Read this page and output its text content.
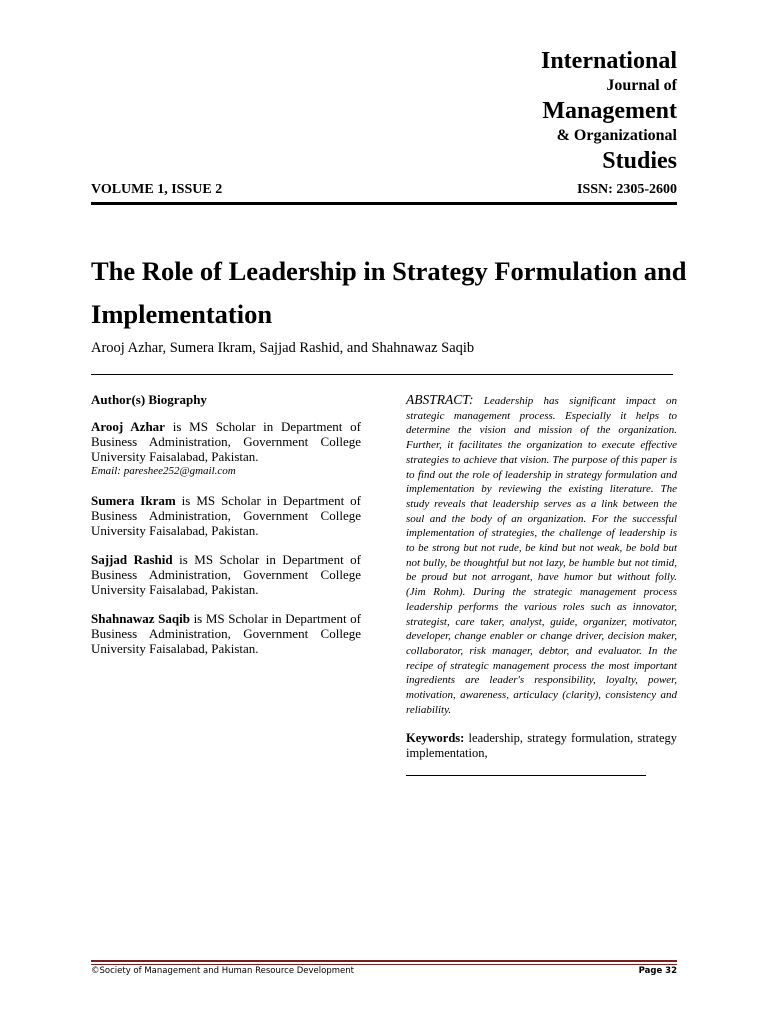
International
Journal of
Management
& Organizational
Studies
VOLUME 1, ISSUE 2	ISSN: 2305-2600
The Role of Leadership in Strategy Formulation and Implementation
Arooj Azhar, Sumera Ikram, Sajjad Rashid, and Shahnawaz Saqib
Author(s) Biography

Arooj Azhar is MS Scholar in Department of Business Administration, Government College University Faisalabad, Pakistan.
Email: pareshee252@gmail.com

Sumera Ikram is MS Scholar in Department of Business Administration, Government College University Faisalabad, Pakistan.

Sajjad Rashid is MS Scholar in Department of Business Administration, Government College University Faisalabad, Pakistan.

Shahnawaz Saqib is MS Scholar in Department of Business Administration, Government College University Faisalabad, Pakistan.

ABSTRACT: Leadership has significant impact on strategic management process. Especially it helps to determine the vision and mission of the organization. Further, it facilitates the organization to execute effective strategies to achieve that vision. The purpose of this paper is to find out the role of leadership in strategy formulation and implementation by reviewing the existing literature. The study reveals that leadership serves as a link between the soul and the body of an organization. For the successful implementation of strategies, the challenge of leadership is to be strong but not rude, be kind but not weak, be bold but not bully, be thoughtful but not lazy, be humble but not timid, be proud but not arrogant, have humor but without folly. (Jim Rohm). During the strategic management process leadership performs the various roles such as innovator, strategist, care taker, analyst, guide, organizer, motivator, developer, change enabler or change driver, decision maker, collaborator, risk manager, debtor, and evaluator. In the recipe of strategic management process the most important ingredients are leader's responsibility, loyalty, power, motivation, awareness, articulacy (clarity), consistency and reliability.

Keywords: leadership, strategy formulation, strategy implementation,
©Society of Management and Human Resource Development	Page 32
